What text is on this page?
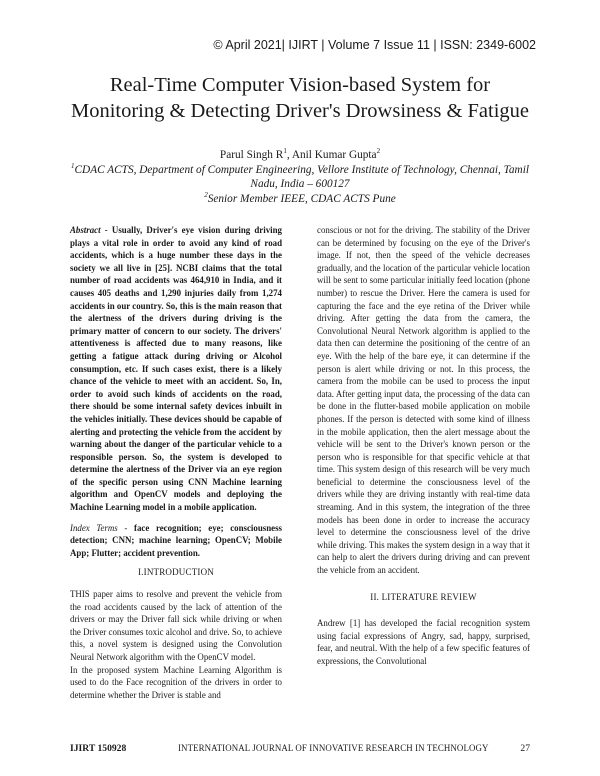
© April 2021| IJIRT | Volume 7 Issue 11 | ISSN: 2349-6002
Real-Time Computer Vision-based System for
Monitoring & Detecting Driver's Drowsiness & Fatigue
Parul Singh $R^1$, Anil Kumar Gupta$^2$
$^1$CDAC ACTS, Department of Computer Engineering, Vellore Institute of Technology, Chennai, Tamil Nadu, India – 600127
$^2$Senior Member IEEE, CDAC ACTS Pune

Abstract - Usually, Driver's eye vision during driving plays a vital role in order to avoid any kind of road accidents, which is a huge number these days in the society we all live in [25]. NCBI claims that the total number of road accidents was 464,910 in India, and it causes 405 deaths and 1,290 injuries daily from 1,274 accidents in our country. So, this is the main reason that the alertness of the drivers during driving is the primary matter of concern to our society. The drivers' attentiveness is affected due to many reasons, like getting a fatigue attack during driving or Alcohol consumption, etc. If such cases exist, there is a likely chance of the vehicle to meet with an accident. So, In, order to avoid such kinds of accidents on the road, there should be some internal safety devices inbuilt in the vehicles initially. These devices should be capable of alerting and protecting the vehicle from the accident by warning about the danger of the particular vehicle to a responsible person. So, the system is developed to determine the alertness of the Driver via an eye region of the specific person using CNN Machine learning algorithm and OpenCV models and deploying the Machine Learning model in a mobile application.

Index Terms - face recognition; eye; consciousness detection; CNN; machine learning; OpenCV; Mobile App; Flutter; accident prevention.

I.INTRODUCTION

THIS paper aims to resolve and prevent the vehicle from the road accidents caused by the lack of attention of the drivers or may the Driver fall sick while driving or when the Driver consumes toxic alcohol and drive. So, to achieve this, a novel system is designed using the Convolution Neural Network algorithm with the OpenCV model.

In the proposed system Machine Learning Algorithm is used to do the Face recognition of the drivers in order to determine whether the Driver is stable and

conscious or not for the driving. The stability of the Driver can be determined by focusing on the eye of the Driver's image. If not, then the speed of the vehicle decreases gradually, and the location of the particular vehicle location will be sent to some particular initially feed location (phone number) to rescue the Driver. Here the camera is used for capturing the face and the eye retina of the Driver while driving. After getting the data from the camera, the Convolutional Neural Network algorithm is applied to the data then can determine the positioning of the centre of an eye. With the help of the bare eye, it can determine if the person is alert while driving or not. In this process, the camera from the mobile can be used to process the input data. After getting input data, the processing of the data can be done in the flutter-based mobile application on mobile phones. If the person is detected with some kind of illness in the mobile application, then the alert message about the vehicle will be sent to the Driver's known person or the person who is responsible for that specific vehicle at that time. This system design of this research will be very much beneficial to determine the consciousness level of the drivers while they are driving instantly with real-time data streaming. And in this system, the integration of the three models has been done in order to increase the accuracy level to determine the consciousness level of the drive while driving. This makes the system design in a way that it can help to alert the drivers during driving and can prevent the vehicle from an accident.

II. LITERATURE REVIEW

Andrew [1] has developed the facial recognition system using facial expressions of Angry, sad, happy, surprised, fear, and neutral. With the help of a few specific features of expressions, the Convolutional

IJIRT 150928	INTERNATIONAL JOURNAL OF INNOVATIVE RESEARCH IN TECHNOLOGY	27
